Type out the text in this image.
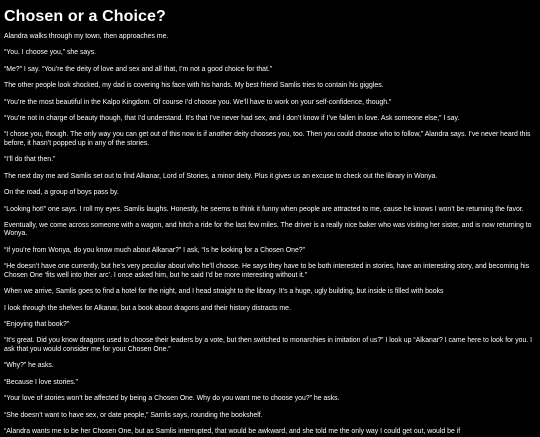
Chosen or a Choice?

Alandra walks through my town, then approaches me.

“You. I choose you,” she says.

“Me?” I say. “You’re the deity of love and sex and all that, I’m not a good choice for that.”

The other people look shocked, my dad is covering his face with his hands. My best friend Samlis tries to contain his giggles.

“You’re the most beautiful in the Kalpo Kingdom. Of course I’d choose you. We’ll have to work on your self-confidence, though.”

“You’re not in charge of beauty though, that I’d understand. It’s that I’ve never had sex, and I don’t know if I’ve fallen in love. Ask someone else,” I say.

“I chose you, though. The only way you can get out of this now is if another deity chooses you, too. Then you could choose who to follow,” Alandra says. I’ve never heard this before, it hasn’t popped up in any of the stories.

“I’ll do that then.”

The next day me and Samlis set out to find Alkanar, Lord of Stories, a minor deity. Plus it gives us an excuse to check out the library in Wonya.

On the road, a group of boys pass by.

“Looking hot!” one says. I roll my eyes. Samlis laughs. Honestly, he seems to think it funny when people are attracted to me, cause he knows I won’t be returning the favor.

Eventually, we come across someone with a wagon, and hitch a ride for the last few miles. The driver is a really nice baker who was visiting her sister, and is now returning to Wonya.

“If you’re from Wonya, do you know much about Alkanar?” I ask, “Is he looking for a Chosen One?”

“He doesn’t have one currently, but he’s very peculiar about who he’ll choose. He says they have to be both interested in stories, have an interesting story, and becoming his Chosen One ‘fits well into their arc’. I once asked him, but he said I’d be more interesting without it.”

When we arrive, Samlis goes to find a hotel for the night, and I head straight to the library. It’s a huge, ugly building, but inside is filled with books

I look through the shelves for Alkanar, but a book about dragons and their history distracts me.

“Enjoying that book?”

“It’s great. Did you know dragons used to choose their leaders by a vote, but then switched to monarchies in imitation of us?” I look up “Alkanar? I came here to look for you. I ask that you would consider me for your Chosen One.”

“Why?” he asks.

“Because I love stories.”

“Your love of stories won’t be affected by being a Chosen One. Why do you want me to choose you?” he asks.

“She doesn’t want to have sex, or date people,” Samlis says, rounding the bookshelf.

“Alandra wants me to be her Chosen One, but as Samlis interrupted, that would be awkward, and she told me the only way I could get out, would be if
